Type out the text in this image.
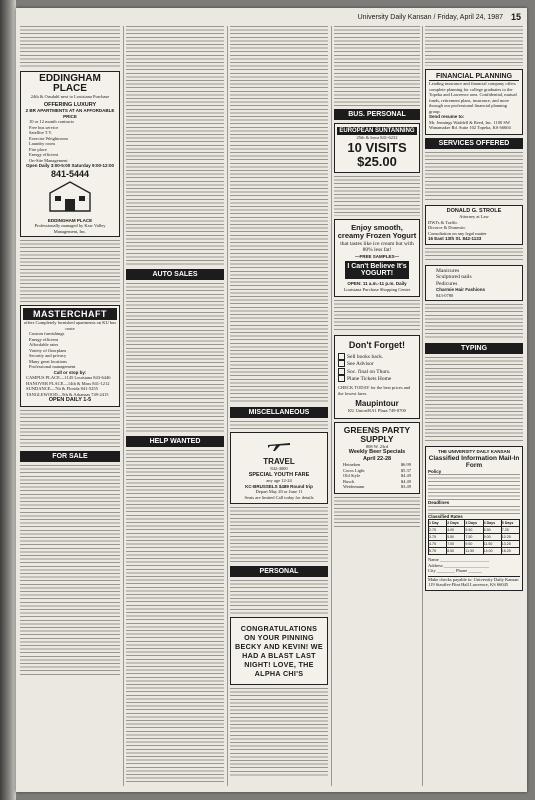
University Daily Kansan / Friday, April 24, 1987 15
EDDINGHAM PLACE
24th & Ousdahl next to Louisiana Purchase
OFFERING LUXURY
2 BR APARTMENTS AT AN AFFORDABLE PRICE
10 or 12 month contracts
Free bus service
Satellite T.V.
Exercise Weightroom
Laundry room
Fire place
Energy efficient
On-Site Management
Open Daily 3:00-5:00 Saturday 9:00-12:00
841-5444
EDDINGHAM PLACE
Professionally managed by Kaw Valley Management, Inc.
MASTERCHAFT
offers Completely furnished apartments on KU bus route
Custom furnishings
Energy efficient
Affordable rates
Variety of floorplans
Security and privacy
Many great locations
Professional management
Call or stop by:
CAMPUS PLACE—1145 Louisiana 843-6446
HANOVER PLACE—14th & Mass 841-1212
SUNDANCE—7th & Florida 841-5255
TANGLEWOOD—9th & Arkansas 749-2415
OPEN DAILY 1-5
FOR SALE
AUTO SALES
HELP WANTED
MISCELLANEOUS
TRAVEL
842-4000
SPECIAL YOUTH FARE
any age 12-24
KC-BRUSSELS $489 Round trip
Depart May 20 or June 11
Seats are limited Call today for details
PERSONAL
CONGRATULATIONS ON YOUR PINNING BECKY AND KEVIN! WE HAD A BLAST LAST NIGHT! LOVE, THE ALPHA CHI'S
BUS. PERSONAL
EUROPEAN SUNTANNING
25th & Iowa 841-6232
10 VISITS $25.00
Enjoy smooth, creamy Frozen Yogurt
that tastes like ice cream but with 80% less fat!
—FREE SAMPLES—
I Can't Believe It's YOGURT!
OPEN: 11 a.m.-11 p.m. Daily
Louisiana Purchase Shopping Center
Don't Forget!
Sell books back.
See Advisor
Soc. final on Thurs.
Plane Tickets Home
CHECK TODAY for the best prices and the lowest fares.
Maupintour
KU Union/RA1 Plaza 749-0700
GREENS PARTY SUPPLY
808 W. 23rd
Weekly Beer Specials
April 22-28
Heineken	$6.99
Coors Light	$5.37
Old Style	$4.49
Busch	$4.49
Weidemann	$3.49
FINANCIAL PLANNING
Leading insurance and financial company offers complete planning for college graduates to the Topeka and Lawrence area. Confidential, mutual funds, retirement plans, insurance, and more through our professional financial planning group.
Send resume to:
Mr. Jennings Waddell & Reed, Inc. 1100 SW Wanamaker Rd. Suite 102 Topeka, KS 66604
SERVICES OFFERED
DONALD G. STROLE
Attorney at Law
DWI's & Traffic
Divorce & Domestic
Consultation on any legal matter
16 East 13th St. 842-1133
Manicures
Sculptured nails
Pedicures
Charmie Hair Fashions
843-0780
TYPING
THE UNIVERSITY DAILY KANSAN
Classified Information Mail-In Form
Policy
Deadlines
Classified Rates
1 Day	2 Days	3 Days	4 Days	5 Days
2.75	4.00	5.50	6.50	7.25
3.75	5.50	7.50	9.00	10.25
4.75	7.00	9.50	11.50	13.25
5.75	8.50	11.50	14.00	16.25
Name ______________________
Address ____________________
City ________ Phone ______
Make checks payable to: University Daily Kansan 119 Stauffer-Flint Hall Lawrence, KS 66045
